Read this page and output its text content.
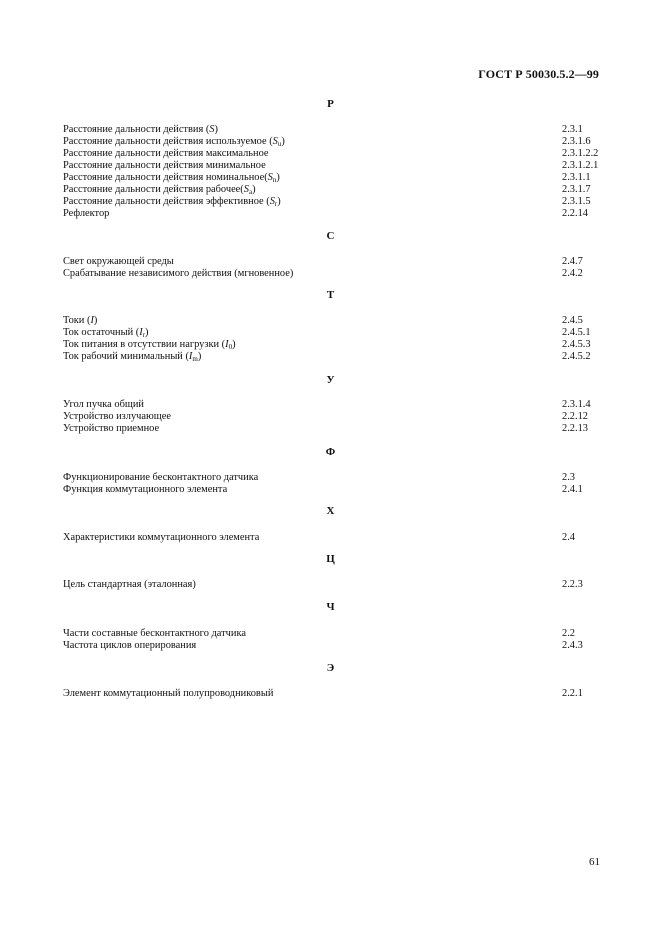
ГОСТ Р 50030.5.2—99
Р
Расстояние дальности действия (S)	2.3.1
Расстояние дальности действия используемое $(S_u)$	2.3.1.6
Расстояние дальности действия максимальное	2.3.1.2.2
Расстояние дальности действия минимальное	2.3.1.2.1
Расстояние дальности действия $номинальное(S_n)$	2.3.1.1
Расстояние дальности действия $рабочее(S_a)$	2.3.1.7
Расстояние дальности действия эффективное $(S_r)$	2.3.1.5
Рефлектор	2.2.14
С
Свет окружающей среды	2.4.7
Срабатывание независимого действия (мгновенное)	2.4.2
Т
Токи (I)	2.4.5
Ток остаточный $(I_r)$	2.4.5.1
Ток питания в отсутствии нагрузки $(I_0)$	2.4.5.3
Ток рабочий минимальный $(I_m)$	2.4.5.2
У
Угол пучка общий	2.3.1.4
Устройство излучающее	2.2.12
Устройство приемное	2.2.13
Ф
Функционирование бесконтактного датчика	2.3
Функция коммутационного элемента	2.4.1
Х
Характеристики коммутационного элемента	2.4
Ц
Цель стандартная (эталонная)	2.2.3
Ч
Части составные бесконтактного датчика	2.2
Частота циклов оперирования	2.4.3
Э
Элемент коммутационный полупроводниковый	2.2.1
61
